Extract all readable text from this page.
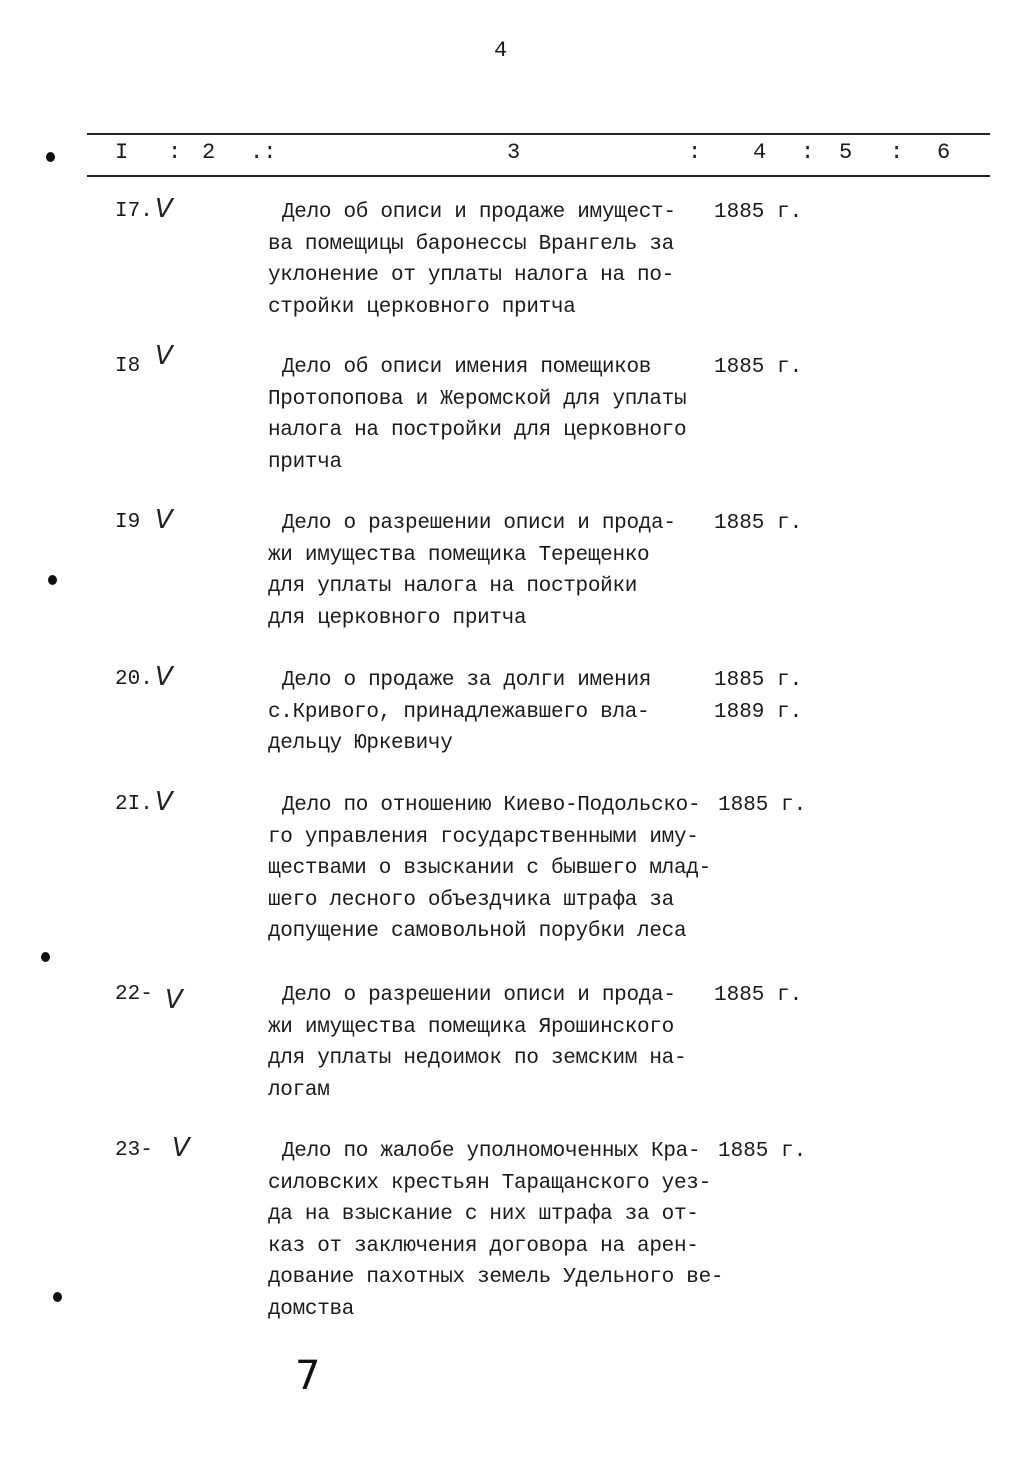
4
I : 2 .:	3	: 4 : 5 : 6
I7. V	Дело об описи и продаже имущест-
ва помещицы баронессы Врангель за
уклонение от уплаты налога на по-
стройки церковного притча
1885 г.
I8 V	Дело об описи имения помещиков
Протопопова и Жеромской для уплаты
налога на постройки для церковного
притча
1885 г.
I9 V	Дело о разрешении описи и прода-
жи имущества помещика Терещенко
для уплаты налога на постройки
для церковного притча
1885 г.
20. V	Дело о продаже за долги имения
с.Кривого, принадлежавшего вла-
дельцу Юркевичу
1885 г.
1889 г.
2I. V	Дело по отношению Киево-Подольско-
го управления государственными иму-
ществами о взыскании с бывшего млад-
шего лесного объездчика штрафа за
допущение самовольной порубки леса
1885 г.
22- V	Дело о разрешении описи и прода-
жи имущества помещика Ярошинского
для уплаты недоимок по земским на-
логам
1885 г.
23- V	Дело по жалобе уполномоченных Кра-
силовских крестьян Таращанского уез-
да на взыскание с них штрафа за от-
каз от заключения договора на арен-
дование пахотных земель Удельного ве-
домства
1885 г.
7
